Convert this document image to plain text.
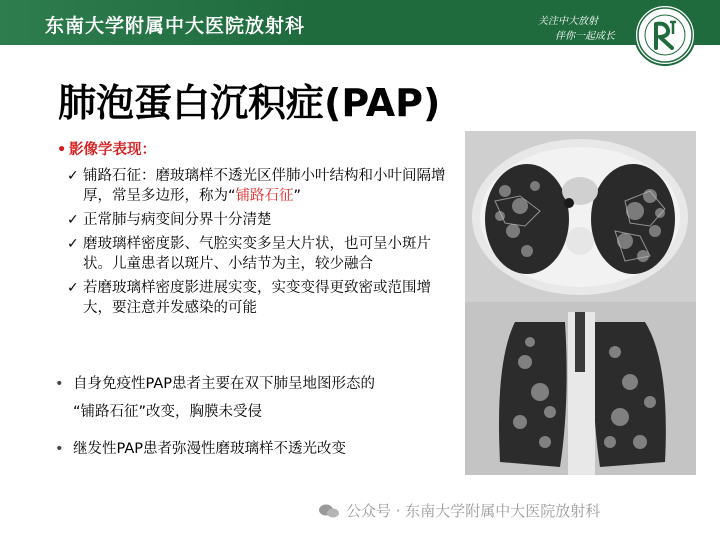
东南大学附属中大医院放射科	关注中大放射
伴你一起成长
肺泡蛋白沉积症(PAP)
• 影像学表现：
✓ 铺路石征：磨玻璃样不透光区伴肺小叶结构和小叶间隔增厚，常呈多边形，称为“铺路石征”
✓ 正常肺与病变间分界十分清楚
✓ 磨玻璃样密度影、气腔实变多呈大片状，也可呈小斑片状。儿童患者以斑片、小结节为主，较少融合
✓ 若磨玻璃样密度影进展实变，实变变得更致密或范围增大，要注意并发感染的可能
• 自身免疫性PAP患者主要在双下肺呈地图形态的
“铺路石征”改变，胸膜未受侵
• 继发性PAP患者弥漫性磨玻璃样不透光改变
公众号 · 东南大学附属中大医院放射科
